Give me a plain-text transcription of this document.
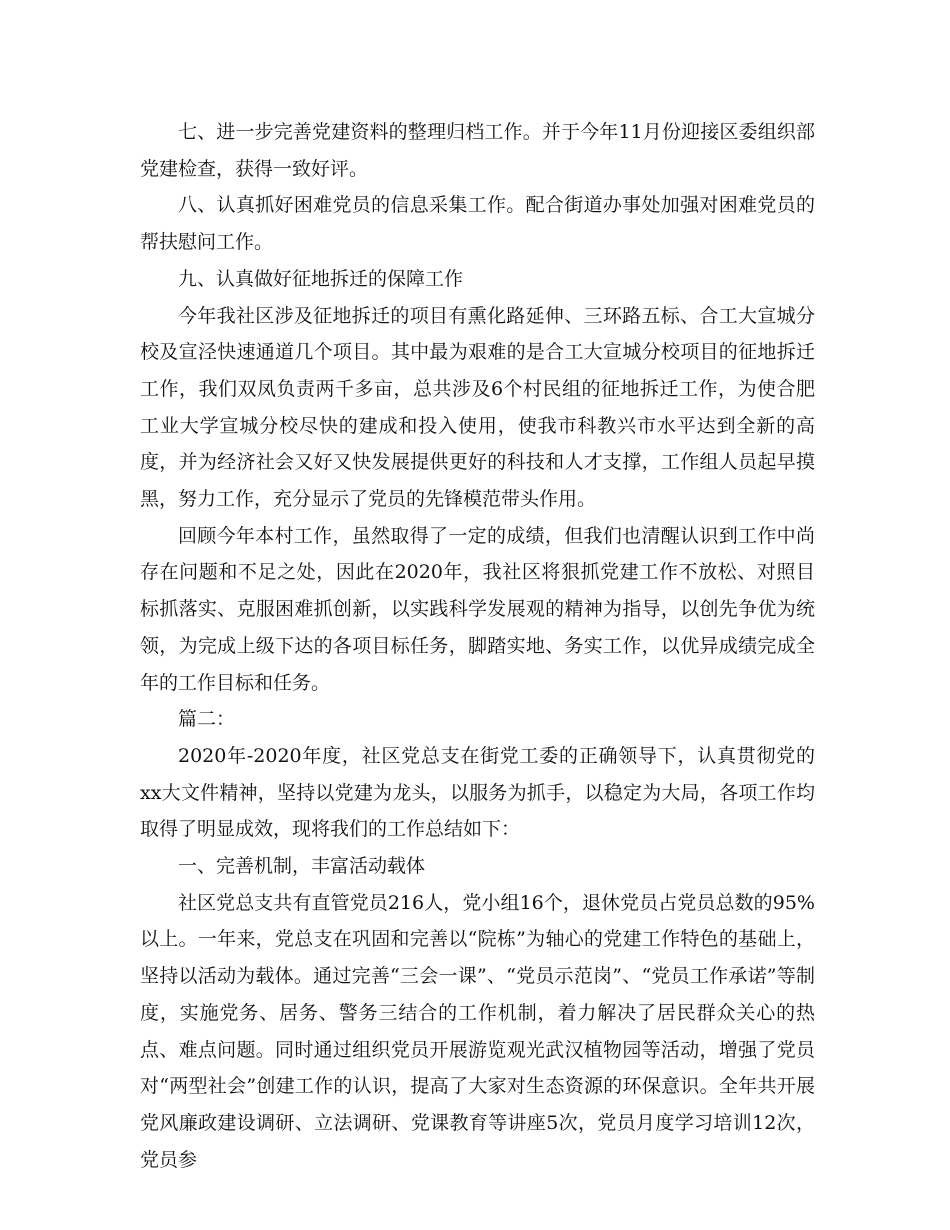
七、进一步完善党建资料的整理归档工作。并于今年11月份迎接区委组织部党建检查，获得一致好评。

八、认真抓好困难党员的信息采集工作。配合街道办事处加强对困难党员的帮扶慰问工作。

九、认真做好征地拆迁的保障工作

今年我社区涉及征地拆迁的项目有熏化路延伸、三环路五标、合工大宣城分校及宣泾快速通道几个项目。其中最为艰难的是合工大宣城分校项目的征地拆迁工作，我们双凤负责两千多亩，总共涉及6个村民组的征地拆迁工作，为使合肥工业大学宣城分校尽快的建成和投入使用，使我市科教兴市水平达到全新的高度，并为经济社会又好又快发展提供更好的科技和人才支撑，工作组人员起早摸黑，努力工作，充分显示了党员的先锋模范带头作用。

回顾今年本村工作，虽然取得了一定的成绩，但我们也清醒认识到工作中尚存在问题和不足之处，因此在2020年，我社区将狠抓党建工作不放松、对照目标抓落实、克服困难抓创新，以实践科学发展观的精神为指导，以创先争优为统领，为完成上级下达的各项目标任务，脚踏实地、务实工作，以优异成绩完成全年的工作目标和任务。

篇二：

2020年-2020年度，社区党总支在街党工委的正确领导下，认真贯彻党的xx大文件精神，坚持以党建为龙头，以服务为抓手，以稳定为大局，各项工作均取得了明显成效，现将我们的工作总结如下：

一、完善机制，丰富活动载体

社区党总支共有直管党员216人，党小组16个，退休党员占党员总数的95%以上。一年来，党总支在巩固和完善以“院栋”为轴心的党建工作特色的基础上，坚持以活动为载体。通过完善“三会一课”、“党员示范岗”、“党员工作承诺”等制度，实施党务、居务、警务三结合的工作机制，着力解决了居民群众关心的热点、难点问题。同时通过组织党员开展游览观光武汉植物园等活动，增强了党员对“两型社会”创建工作的认识，提高了大家对生态资源的环保意识。全年共开展党风廉政建设调研、立法调研、党课教育等讲座5次，党员月度学习培训12次，党员参
